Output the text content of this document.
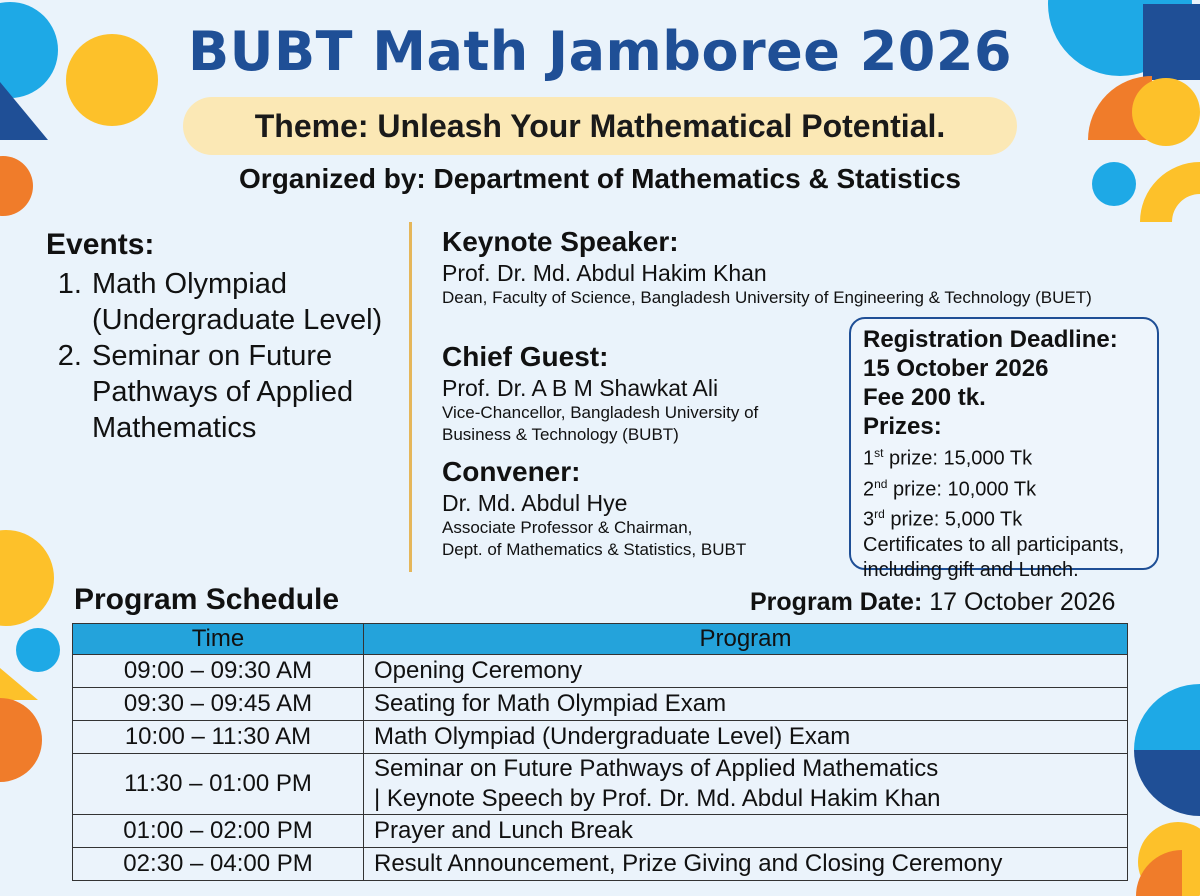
BUBT Math Jamboree 2026
Theme: Unleash Your Mathematical Potential.
Organized by: Department of Mathematics & Statistics
Events:
1. Math Olympiad (Undergraduate Level)
2. Seminar on Future Pathways of Applied Mathematics
Keynote Speaker:
Prof. Dr. Md. Abdul Hakim Khan
Dean, Faculty of Science, Bangladesh University of Engineering & Technology (BUET)
Chief Guest:
Prof. Dr. A B M Shawkat Ali
Vice-Chancellor, Bangladesh University of
Business & Technology (BUBT)
Convener:
Dr. Md. Abdul Hye
Associate Professor & Chairman,
Dept. of Mathematics & Statistics, BUBT
Registration Deadline:
15 October 2026
Fee 200 tk.
Prizes:
1st prize: 15,000 Tk
2nd prize: 10,000 Tk
3rd prize: 5,000 Tk
Certificates to all participants,
including gift and Lunch.
Program Schedule	Program Date: 17 October 2026
Time	Program
09:00 – 09:30 AM	Opening Ceremony
09:30 – 09:45 AM	Seating for Math Olympiad Exam
10:00 – 11:30 AM	Math Olympiad (Undergraduate Level) Exam
11:30 – 01:00 PM	Seminar on Future Pathways of Applied Mathematics
| Keynote Speech by Prof. Dr. Md. Abdul Hakim Khan

01:00 – 02:00 PM	Prayer and Lunch Break
02:30 – 04:00 PM	Result Announcement, Prize Giving and Closing Ceremony
